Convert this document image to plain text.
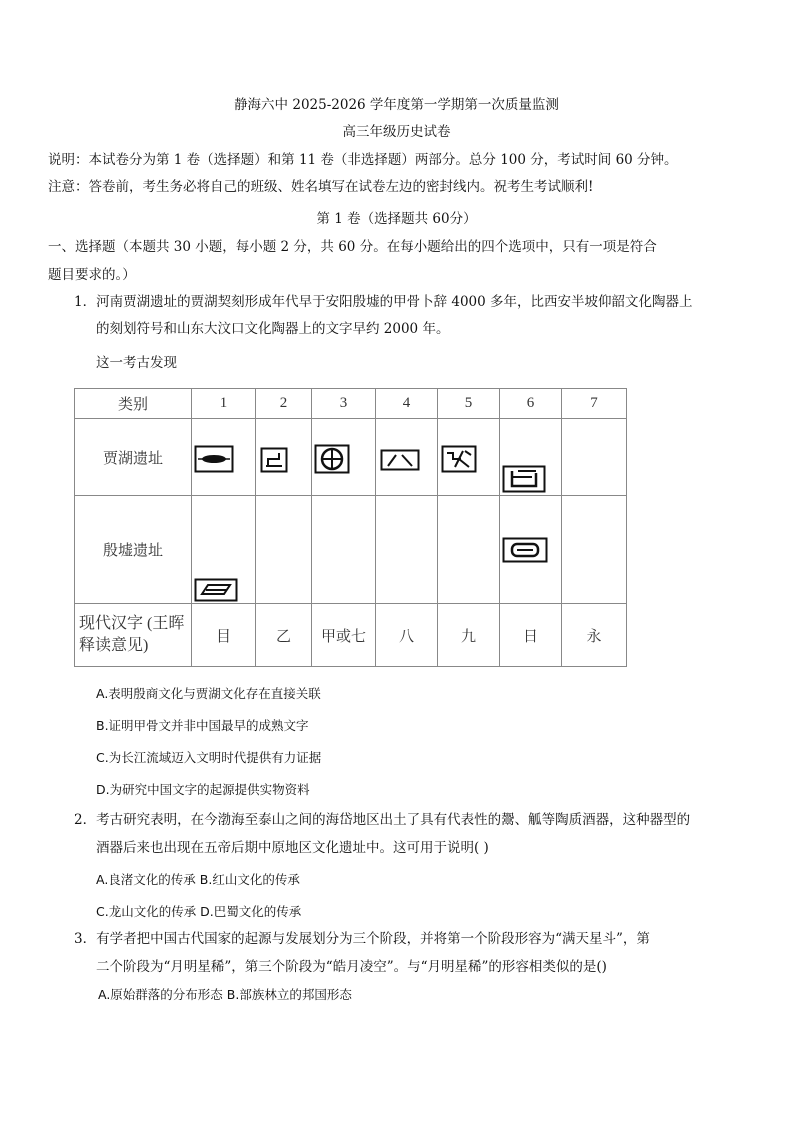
静海六中 2025-2026 学年度第一学期第一次质量监测
高三年级历史试卷
说明：本试卷分为第 1 卷（选择题）和第 11 卷（非选择题）两部分。总分 100 分，考试时间 60 分钟。
注意：答卷前，考生务必将自己的班级、姓名填写在试卷左边的密封线内。祝考生考试顺利!
第 1 卷（选择题共 60分）
一、选择题（本题共 30 小题，每小题 2 分，共 60 分。在每小题给出的四个选项中，只有一项是符合
题目要求的。）
1．河南贾湖遗址的贾湖契刻形成年代早于安阳殷墟的甲骨卜辞 4000 多年，比西安半坡仰韶文化陶器上
的刻划符号和山东大汶口文化陶器上的文字早约 2000 年。
这一考古发现
类别	1	2	3	4	5	6	7
贾湖遗址	

殷墟遗址	

现代汉字 (王晖
释读意见)	目	乙	甲或七	八	九	日	永
A.表明殷商文化与贾湖文化存在直接关联
B.证明甲骨文并非中国最早的成熟文字
C.为长江流域迈入文明时代提供有力证据
D.为研究中国文字的起源提供实物资料
2．考古研究表明，在今渤海至泰山之间的海岱地区出土了具有代表性的鬶、觚等陶质酒器，这种器型的
酒器后来也出现在五帝后期中原地区文化遗址中。这可用于说明( )
A.良渚文化的传承 B.红山文化的传承
C.龙山文化的传承 D.巴蜀文化的传承
3．有学者把中国古代国家的起源与发展划分为三个阶段，并将第一个阶段形容为“满天星斗”，第
二个阶段为“月明星稀”，第三个阶段为“皓月凌空”。与“月明星稀”的形容相类似的是()
A.原始群落的分布形态 B.部族林立的邦国形态
